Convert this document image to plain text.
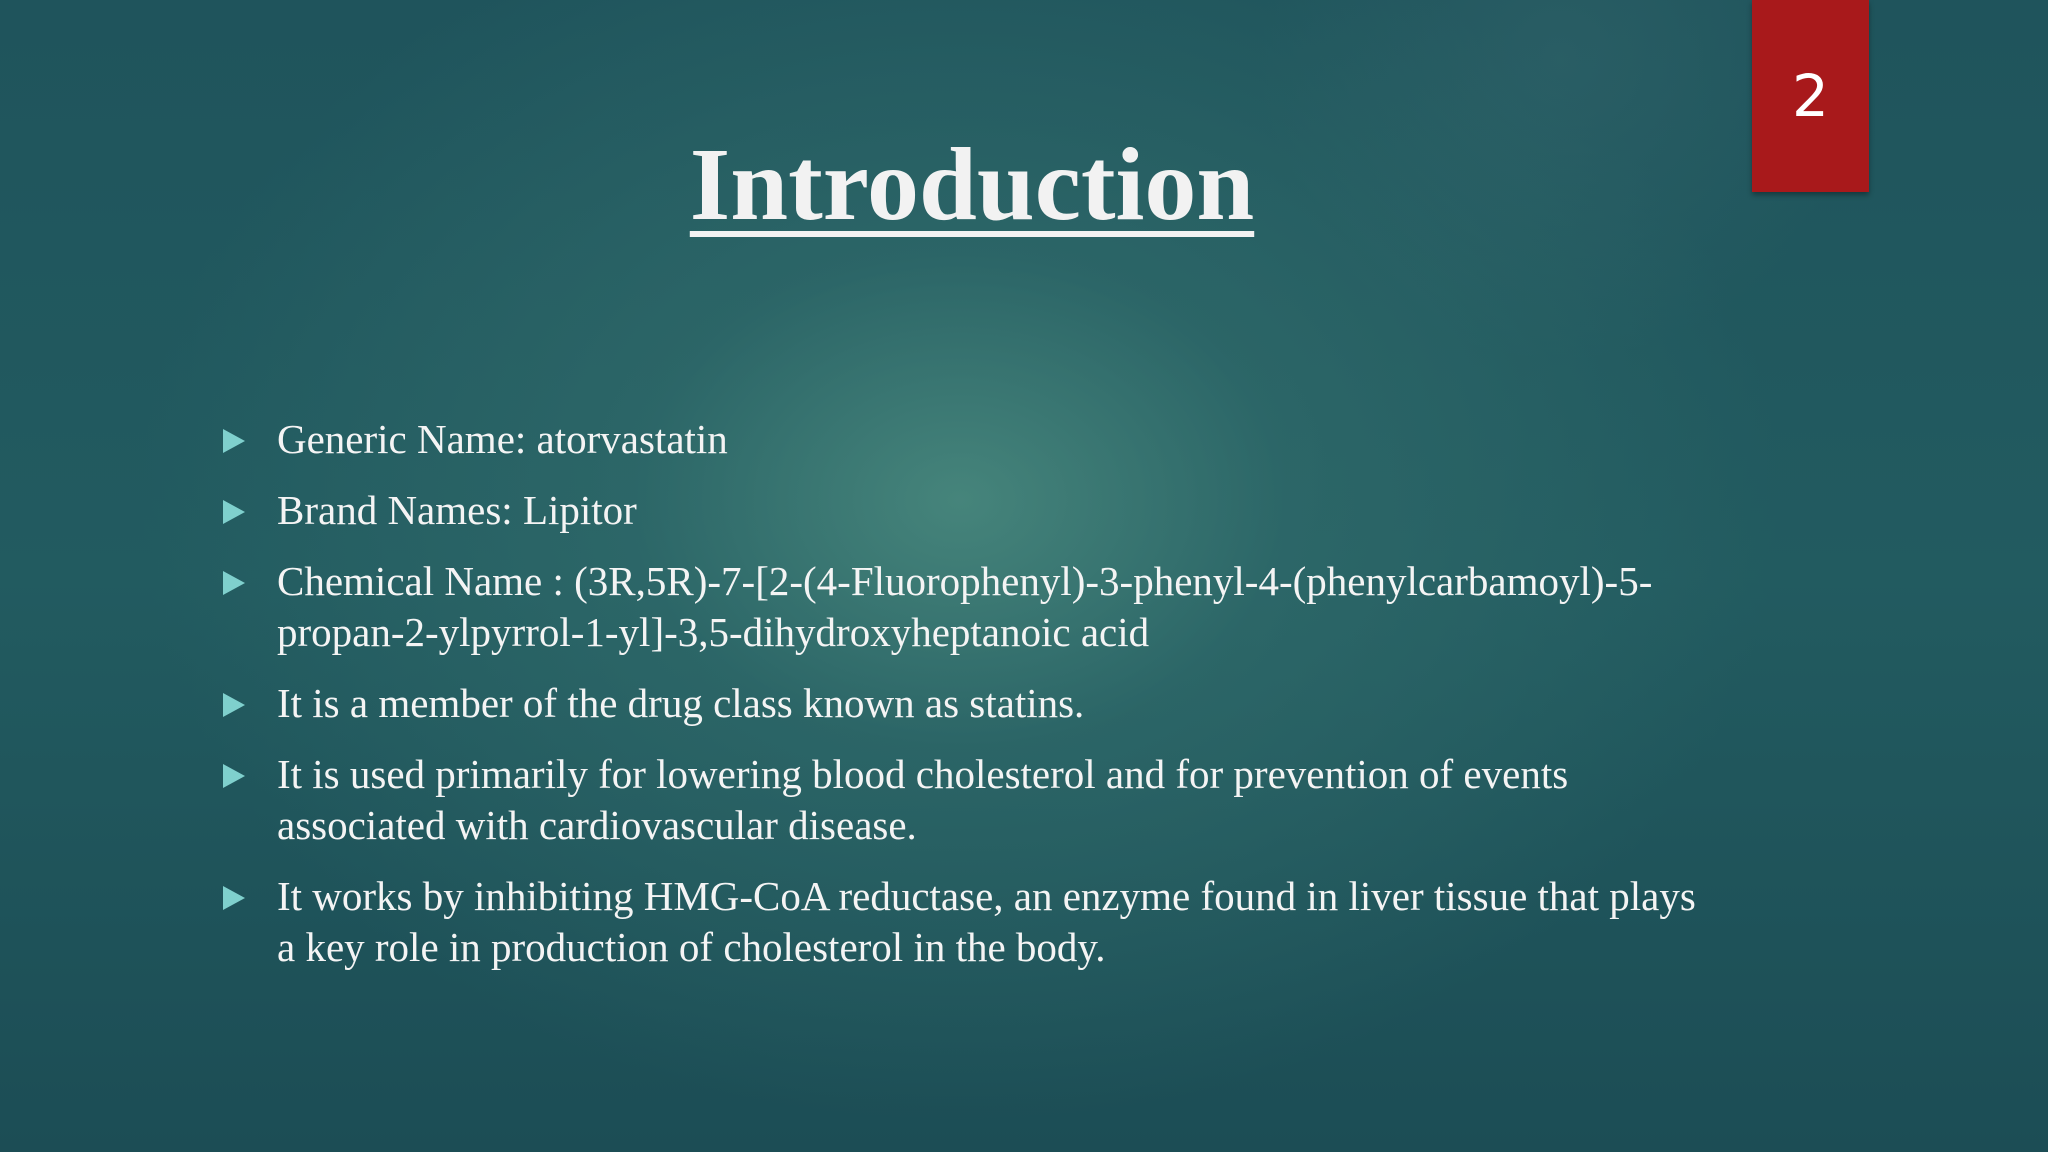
2
Introduction
Generic Name: atorvastatin
Brand Names: Lipitor
Chemical Name : (3R,5R)-7-[2-(4-Fluorophenyl)-3-phenyl-4-(phenylcarbamoyl)-5-propan-2-ylpyrrol-1-yl]-3,5-dihydroxyheptanoic acid
It is a member of the drug class known as statins.
It is used primarily for lowering blood cholesterol and for prevention of events associated with cardiovascular disease.
It works by inhibiting HMG-CoA reductase, an enzyme found in liver tissue that plays a key role in production of cholesterol in the body.
